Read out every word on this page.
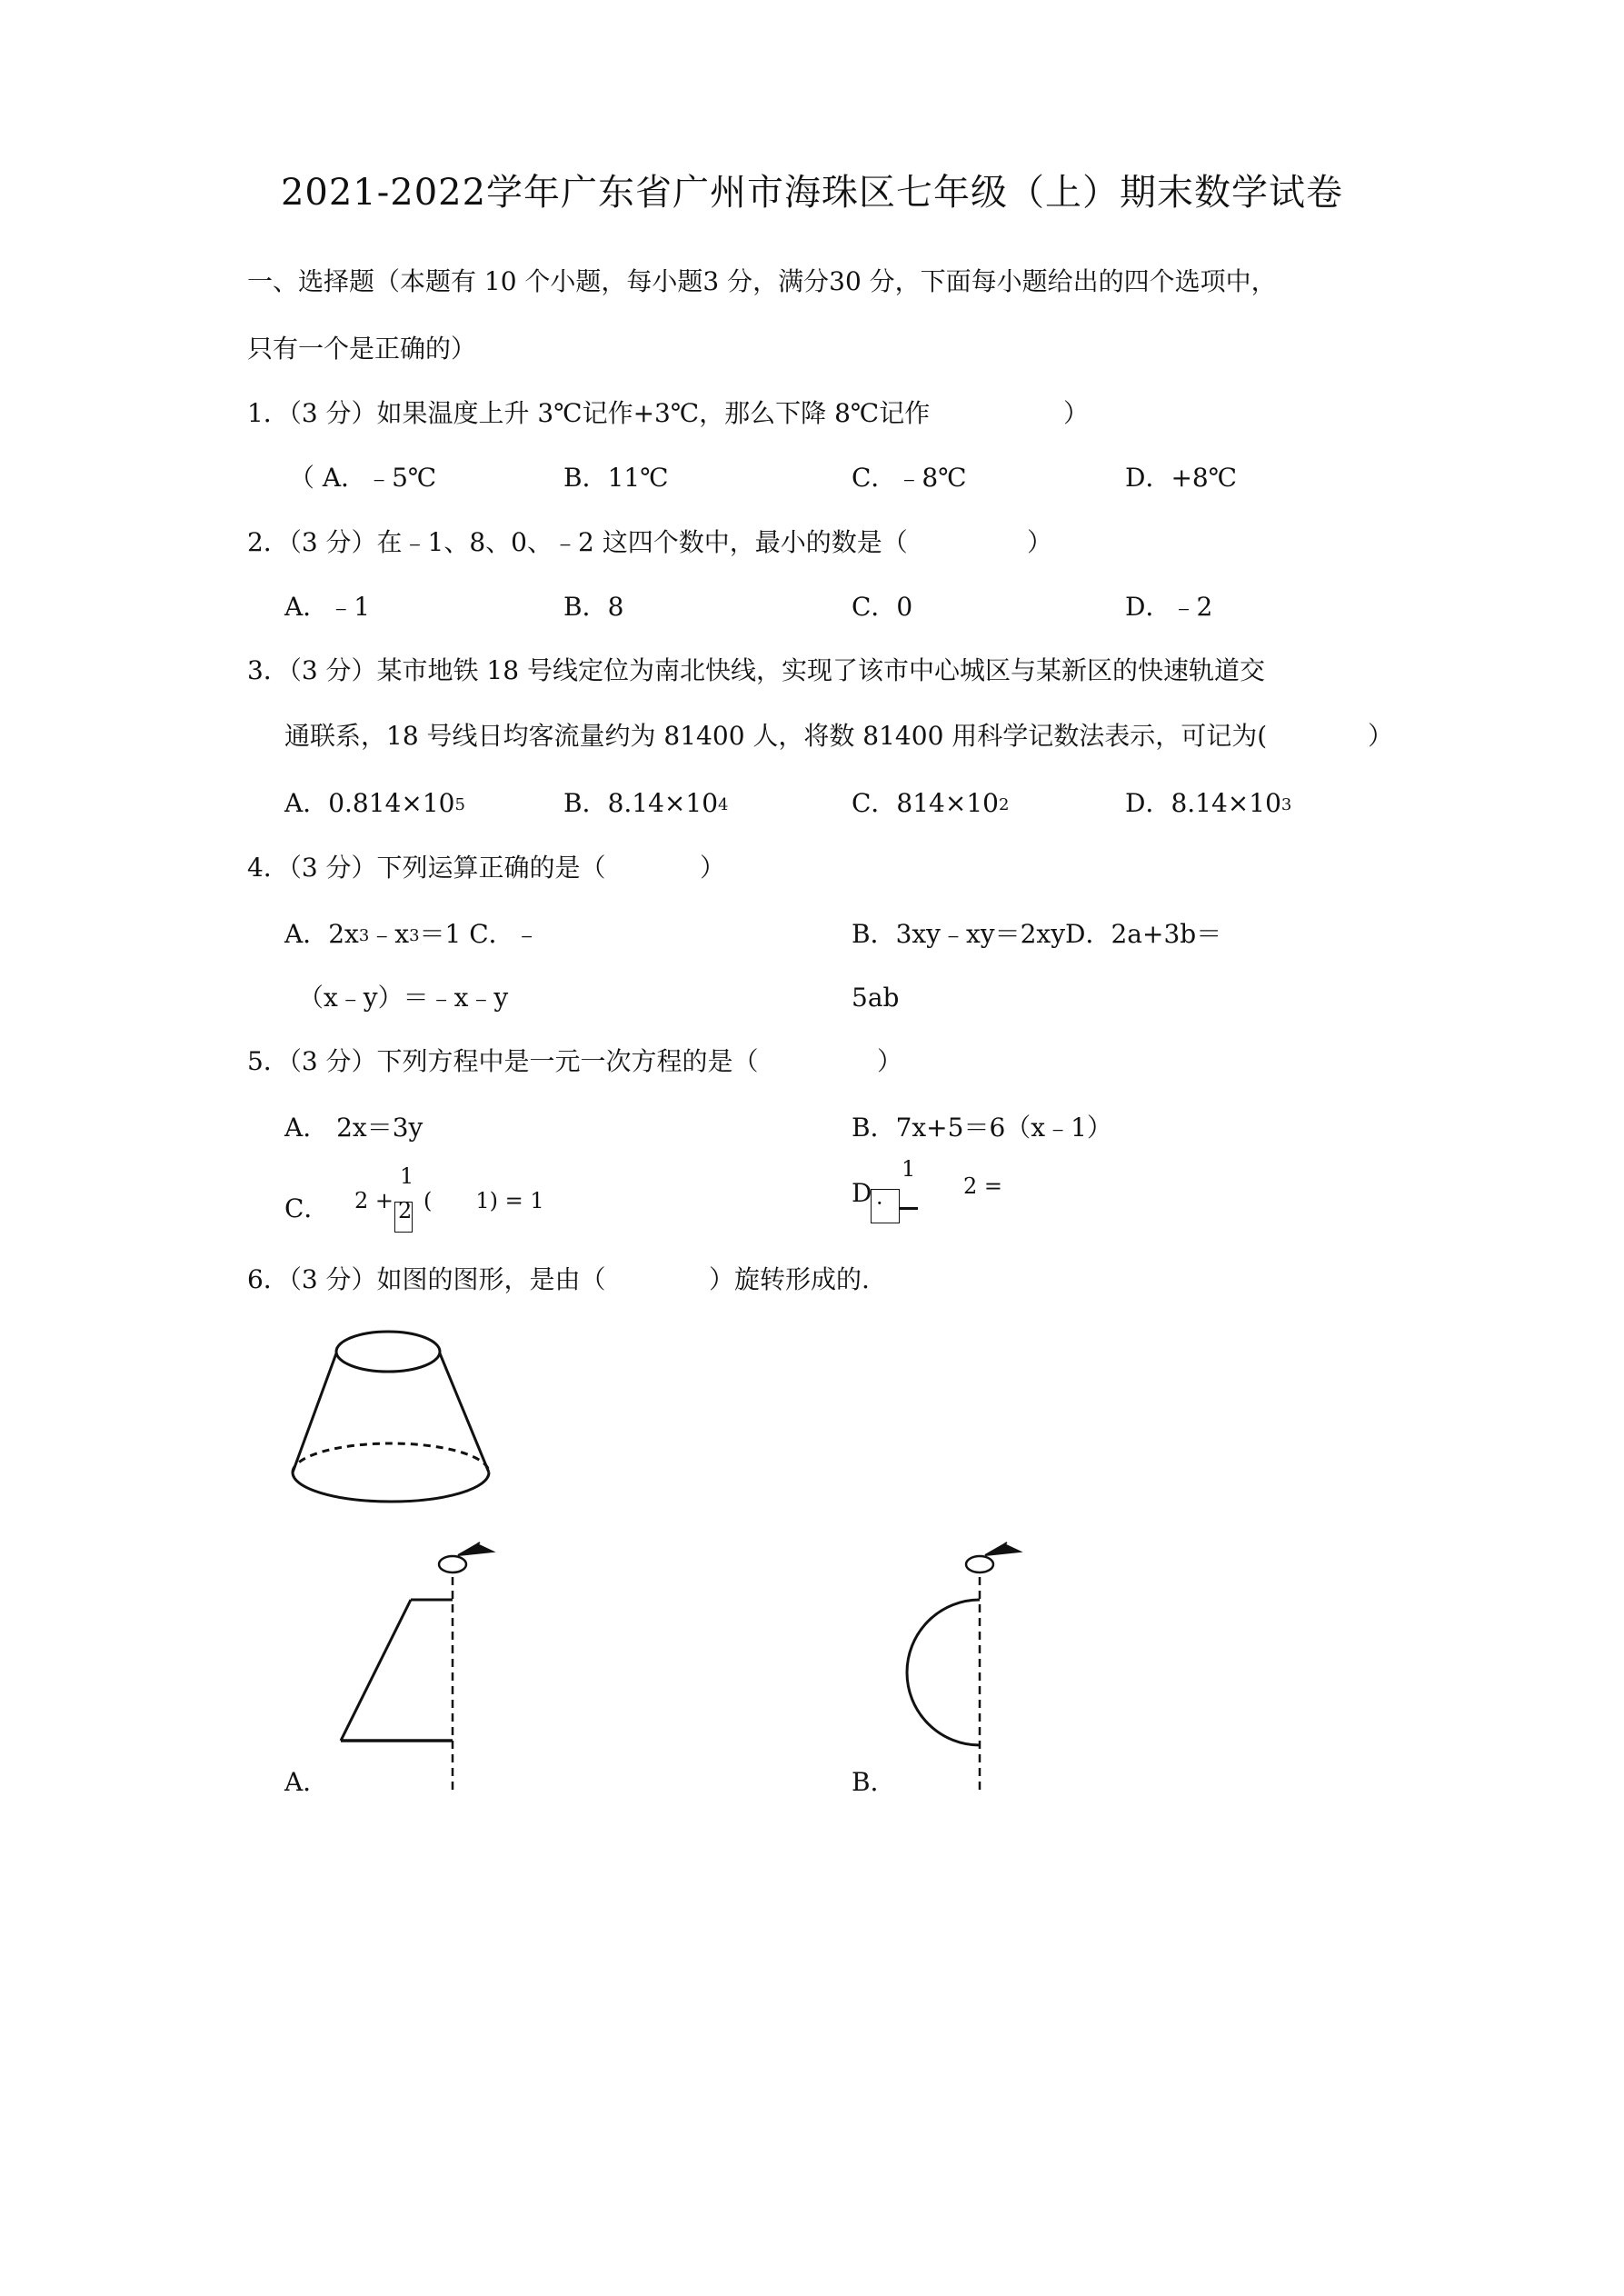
2021-2022学年广东省广州市海珠区七年级（上）期末数学试卷
一、选择题（本题有 10 个小题，每小题3 分，满分30 分，下面每小题给出的四个选项中，
只有一个是正确的）
1．（3 分）如果温度上升 3℃记作+3℃，那么下降 8℃记作	）
（ A．﹣5℃	B．11℃	C．﹣8℃	D．+8℃
2．（3 分）在﹣1、8、0、﹣2 这四个数中，最小的数是（	）
A．﹣1	B．8	C．0	D．﹣2
3．（3 分）某市地铁 18 号线定位为南北快线，实现了该市中心城区与某新区的快速轨道交
通联系，18 号线日均客流量约为 81400 人，将数 81400 用科学记数法表示，可记为(	）
A．$0.814\times 10^5$	B．$8.14\times 10^4$	C．$814\times 10^2$	D．$8.14\times 10^3$
4．（3 分）下列运算正确的是（	）
A．$2x^3﹣x^3=1$ C．﹣	B．3xy﹣xy＝2xyD．2a+3b＝
（x﹣y）＝﹣x﹣y	5ab
5．（3 分）下列方程中是一元一次方程的是（	）
A.　2x＝3y	B．7x+5＝6（x﹣1）
C． 2 +
1
2 (　　1) = 1	D
1
·
2 =
6．（3 分）如图的图形，是由（	）旋转形成的.
A．	B．
